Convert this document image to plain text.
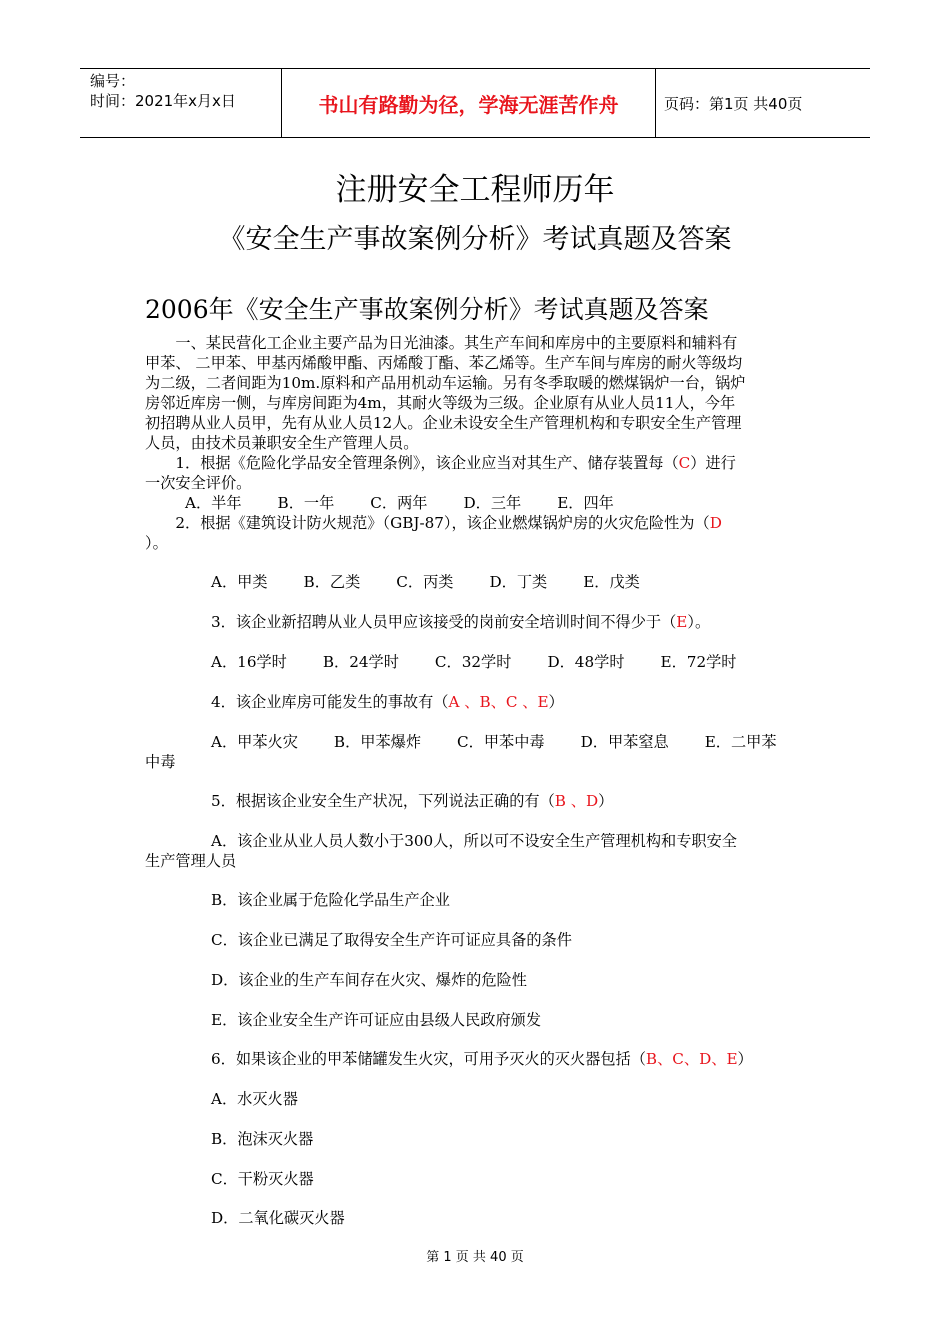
编号：
时间：2021年x月x日	书山有路勤为径，学海无涯苦作舟	页码：第1页 共40页
注册安全工程师历年
《安全生产事故案例分析》考试真题及答案
2006年《安全生产事故案例分析》考试真题及答案
　　一、某民营化工企业主要产品为日光油漆。其生产车间和库房中的主要原料和辅料有
甲苯、 二甲苯、甲基丙烯酸甲酯、丙烯酸丁酯、苯乙烯等。生产车间与库房的耐火等级均
为二级，二者间距为10m.原料和产品用机动车运输。另有冬季取暖的燃煤锅炉一台，锅炉
房邻近库房一侧，与库房间距为4m，其耐火等级为三级。企业原有从业人员11人，今年
初招聘从业人员甲，先有从业人员12人。企业未设安全生产管理机构和专职安全生产管理
人员，由技术员兼职安全生产管理人员。
　　1．根据《危险化学品安全管理条例》，该企业应当对其生产、储存装置每（C）进行
一次安全评价。
A．半年 B．一年 C．两年 D．三年 E．四年
　　2．根据《建筑设计防火规范》（GBJ-87），该企业燃煤锅炉房的火灾危险性为（D
）。
A．甲类 B．乙类 C．丙类 D．丁类 E．戊类
3．该企业新招聘从业人员甲应该接受的岗前安全培训时间不得少于（E）。
A．16学时 B．24学时 C．32学时 D．48学时 E．72学时
4．该企业库房可能发生的事故有（A 、B、C 、E）
A．甲苯火灾 B．甲苯爆炸 C．甲苯中毒 D．甲苯窒息 E．二甲苯
中毒
5．根据该企业安全生产状况，下列说法正确的有（B 、D）
A．该企业从业人员人数小于300人，所以可不设安全生产管理机构和专职安全
生产管理人员
B．该企业属于危险化学品生产企业
C．该企业已满足了取得安全生产许可证应具备的条件
D．该企业的生产车间存在火灾、爆炸的危险性
E．该企业安全生产许可证应由县级人民政府颁发
6．如果该企业的甲苯储罐发生火灾，可用予灭火的灭火器包括（B、C、D、E）
A．水灭火器
B．泡沫灭火器
C．干粉灭火器
D．二氧化碳灭火器
第 1 页 共 40 页
